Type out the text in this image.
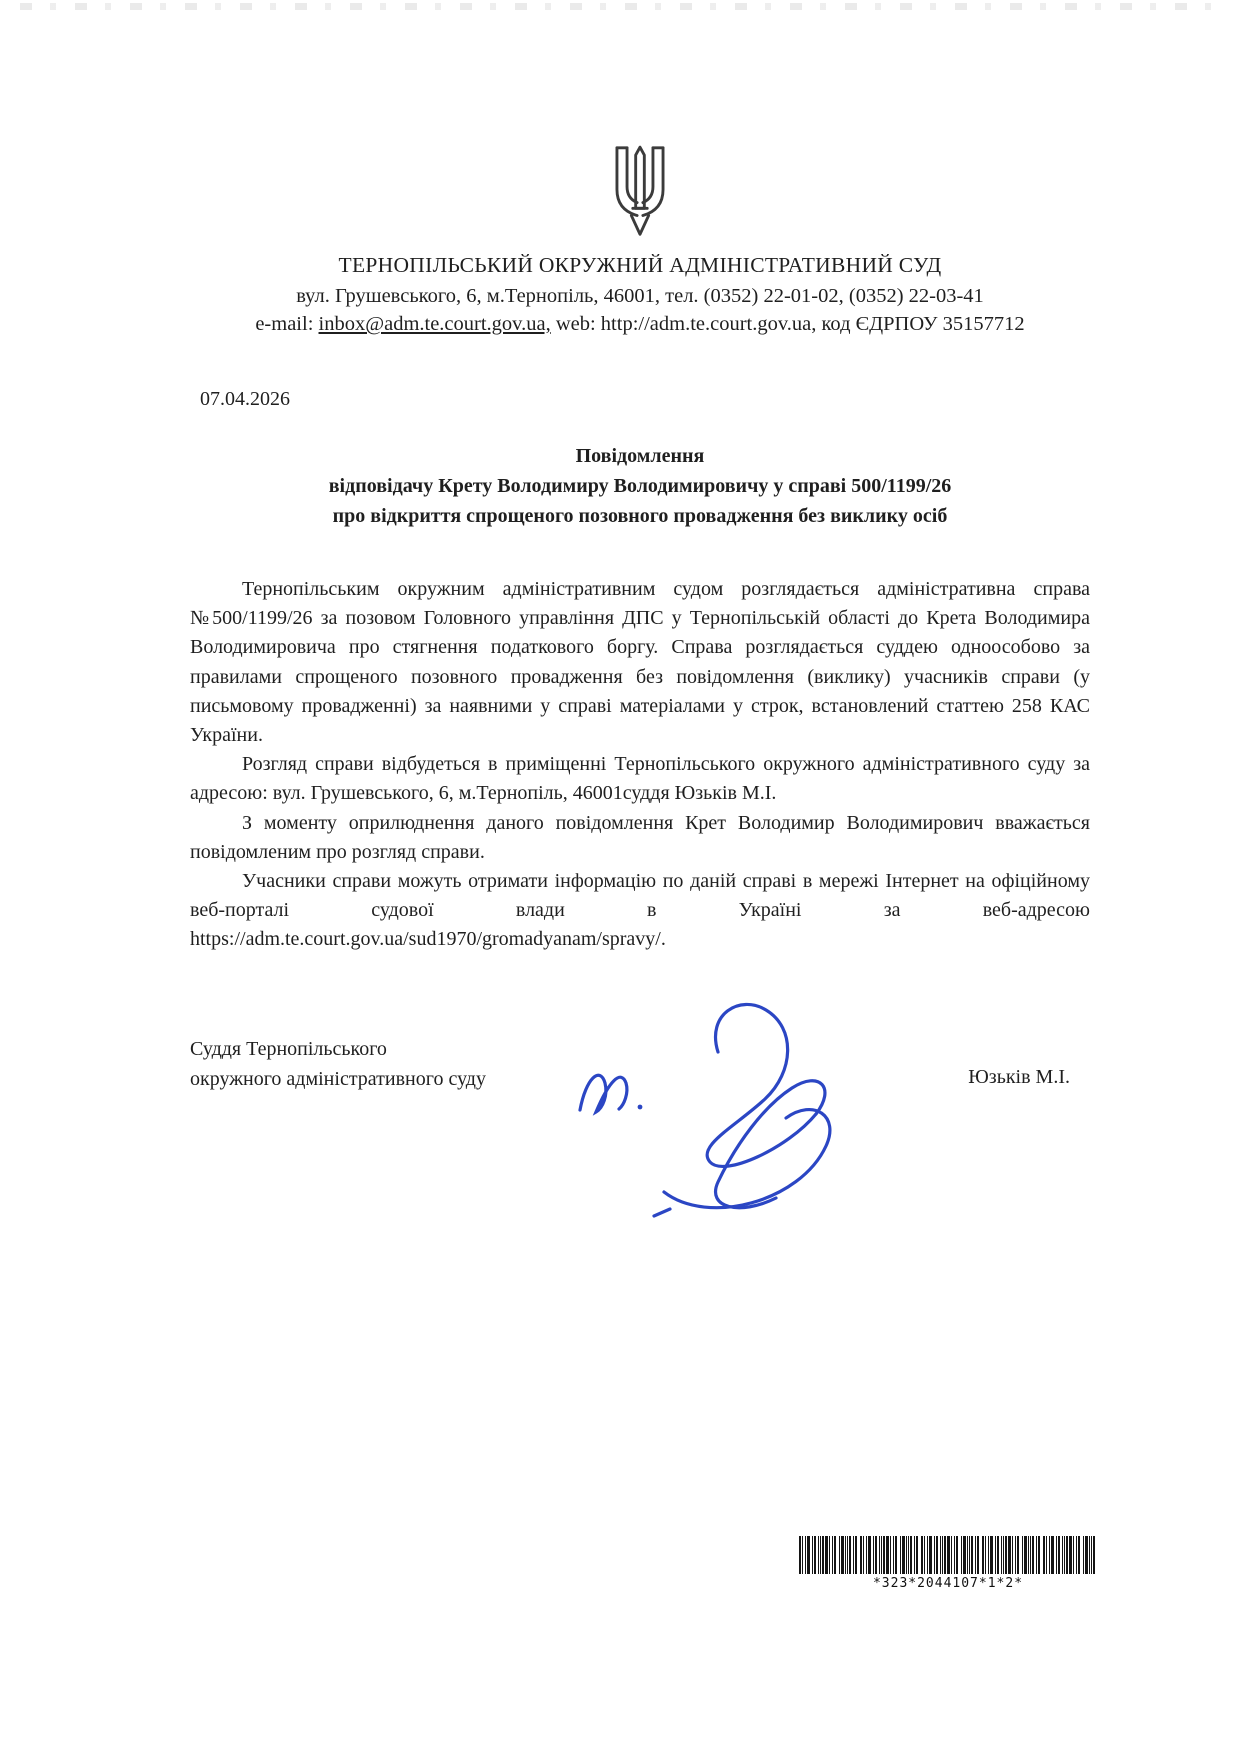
ТЕРНОПІЛЬСЬКИЙ ОКРУЖНИЙ АДМІНІСТРАТИВНИЙ СУД
вул. Грушевського, 6, м.Тернопіль, 46001, тел. (0352) 22-01-02, (0352) 22-03-41
e-mail: inbox@adm.te.court.gov.ua, web: http://adm.te.court.gov.ua, код ЄДРПОУ 35157712
07.04.2026
Повідомлення
відповідачу Крету Володимиру Володимировичу у справі 500/1199/26
про відкриття спрощеного позовного провадження без виклику осіб

Тернопільським окружним адміністративним судом розглядається адміністративна справа №500/1199/26 за позовом Головного управління ДПС у Тернопільській області до Крета Володимира Володимировича про стягнення податкового боргу. Справа розглядається суддею одноособово за правилами спрощеного позовного провадження без повідомлення (виклику) учасників справи (у письмовому провадженні) за наявними у справі матеріалами у строк, встановлений статтею 258 КАС України.

Розгляд справи відбудеться в приміщенні Тернопільського окружного адміністративного суду за адресою: вул. Грушевського, 6, м.Тернопіль, 46001суддя Юзьків М.І.

З моменту оприлюднення даного повідомлення Крет Володимир Володимирович вважається повідомленим про розгляд справи.

Учасники справи можуть отримати інформацію по даній справі в мережі Інтернет на офіційному веб-порталі судової влади в Україні за веб-адресою https://adm.te.court.gov.ua/sud1970/gromadyanam/spravy/.

Суддя Тернопільського
окружного адміністративного суду	Юзьків М.І.
*323*2044107*1*2*
